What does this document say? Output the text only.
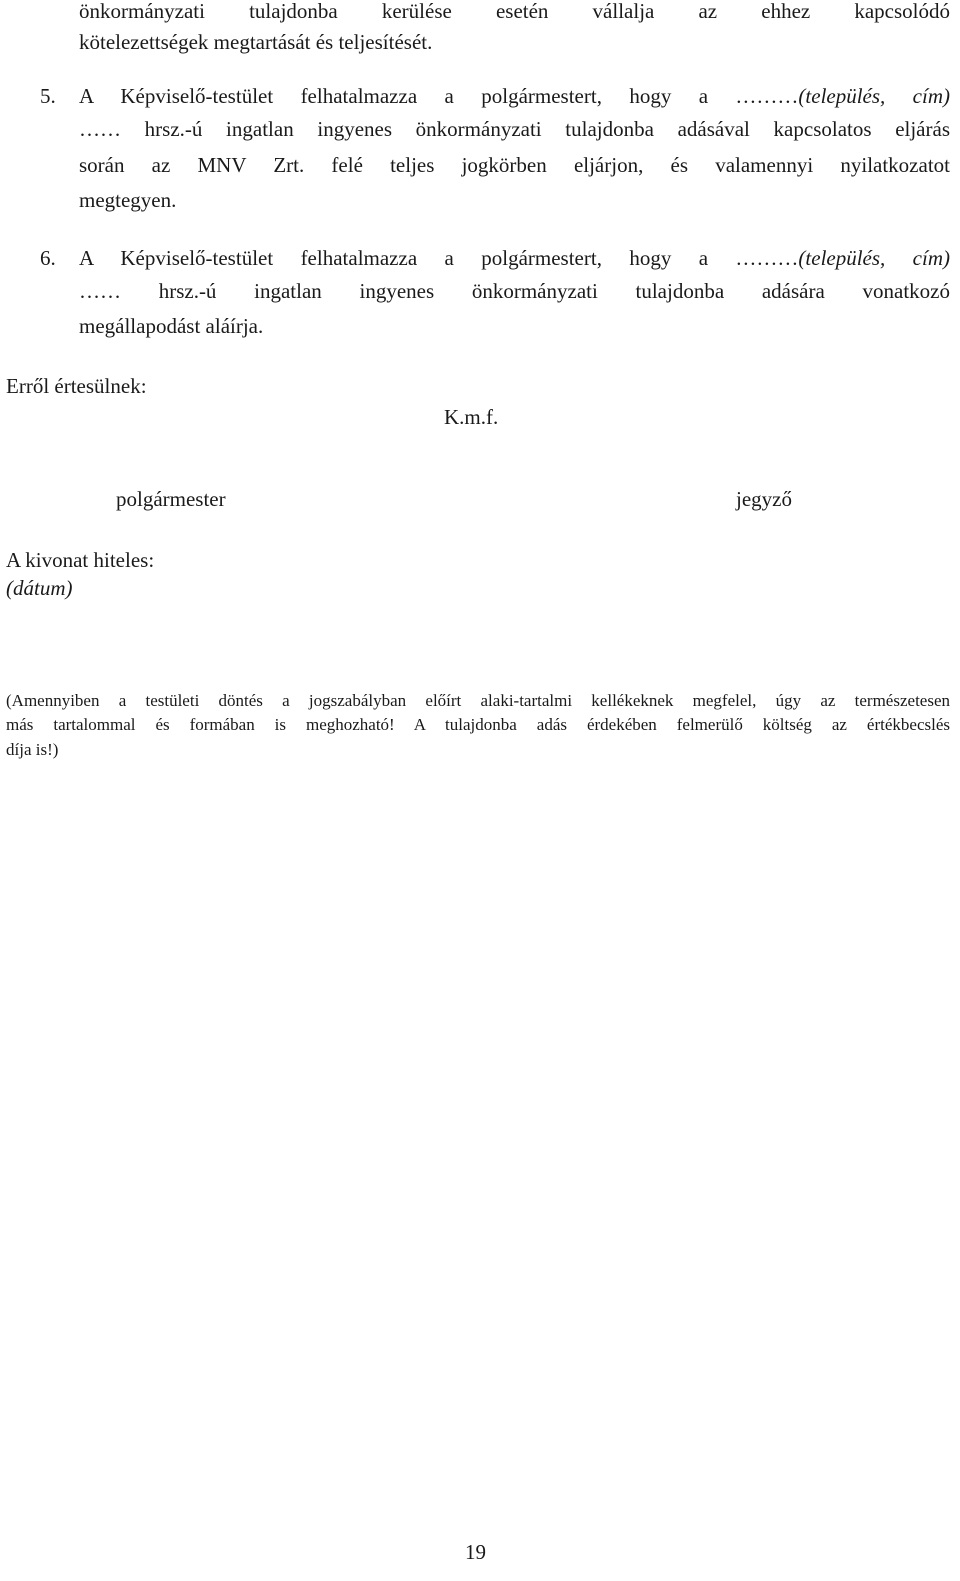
önkormányzati tulajdonba kerülése esetén vállalja az ehhez kapcsolódó
kötelezettségek megtartását és teljesítését.
5. A Képviselő-testület felhatalmazza a polgármestert, hogy a ………(település, cím)
…… hrsz.-ú ingatlan ingyenes önkormányzati tulajdonba adásával kapcsolatos eljárás
során az MNV Zrt. felé teljes jogkörben eljárjon, és valamennyi nyilatkozatot
megtegyen.
6. A Képviselő-testület felhatalmazza a polgármestert, hogy a ………(település, cím)
…… hrsz.-ú ingatlan ingyenes önkormányzati tulajdonba adására vonatkozó
megállapodást aláírja.
Erről értesülnek:
K.m.f.
polgármester	jegyző
A kivonat hiteles:
(dátum)
(Amennyiben a testületi döntés a jogszabályban előírt alaki-tartalmi kellékeknek megfelel, úgy az természetesen
más tartalommal és formában is meghozható! A tulajdonba adás érdekében felmerülő költség az értékbecslés
díja is!)
19
